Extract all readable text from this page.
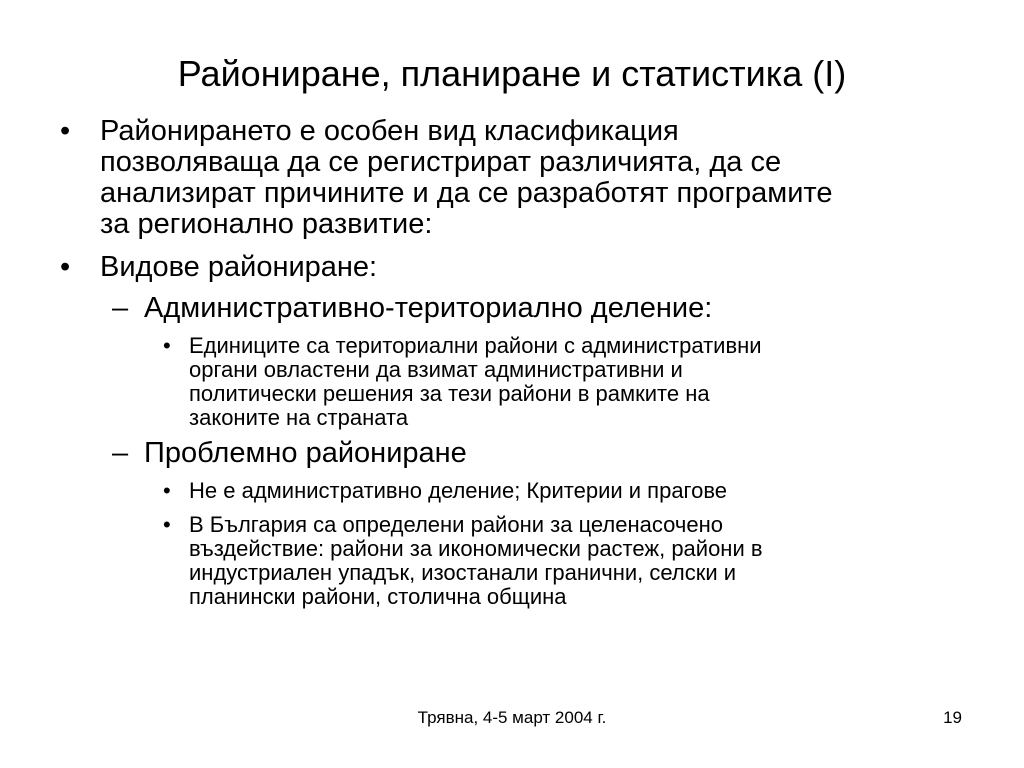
Райониране, планиране и статистика (I)
• Районирането е особен вид класификация
позволяваща да се регистрират различията, да се
анализират причините и да се разработят програмите
за регионално развитие:
• Видове райониране:
– Административно-териториално деление:
• Единиците са териториални райони с административни
органи овластени да взимат административни и
политически решения за тези райони в рамките на
законите на страната
– Проблемно райониране
• Не е административно деление; Критерии и прагове
• В България са определени райони за целенасочено
въздействие: райони за икономически растеж, райони в
индустриален упадък, изостанали гранични, селски и
планински райони, столична община
Трявна, 4-5 март 2004 г.	19
